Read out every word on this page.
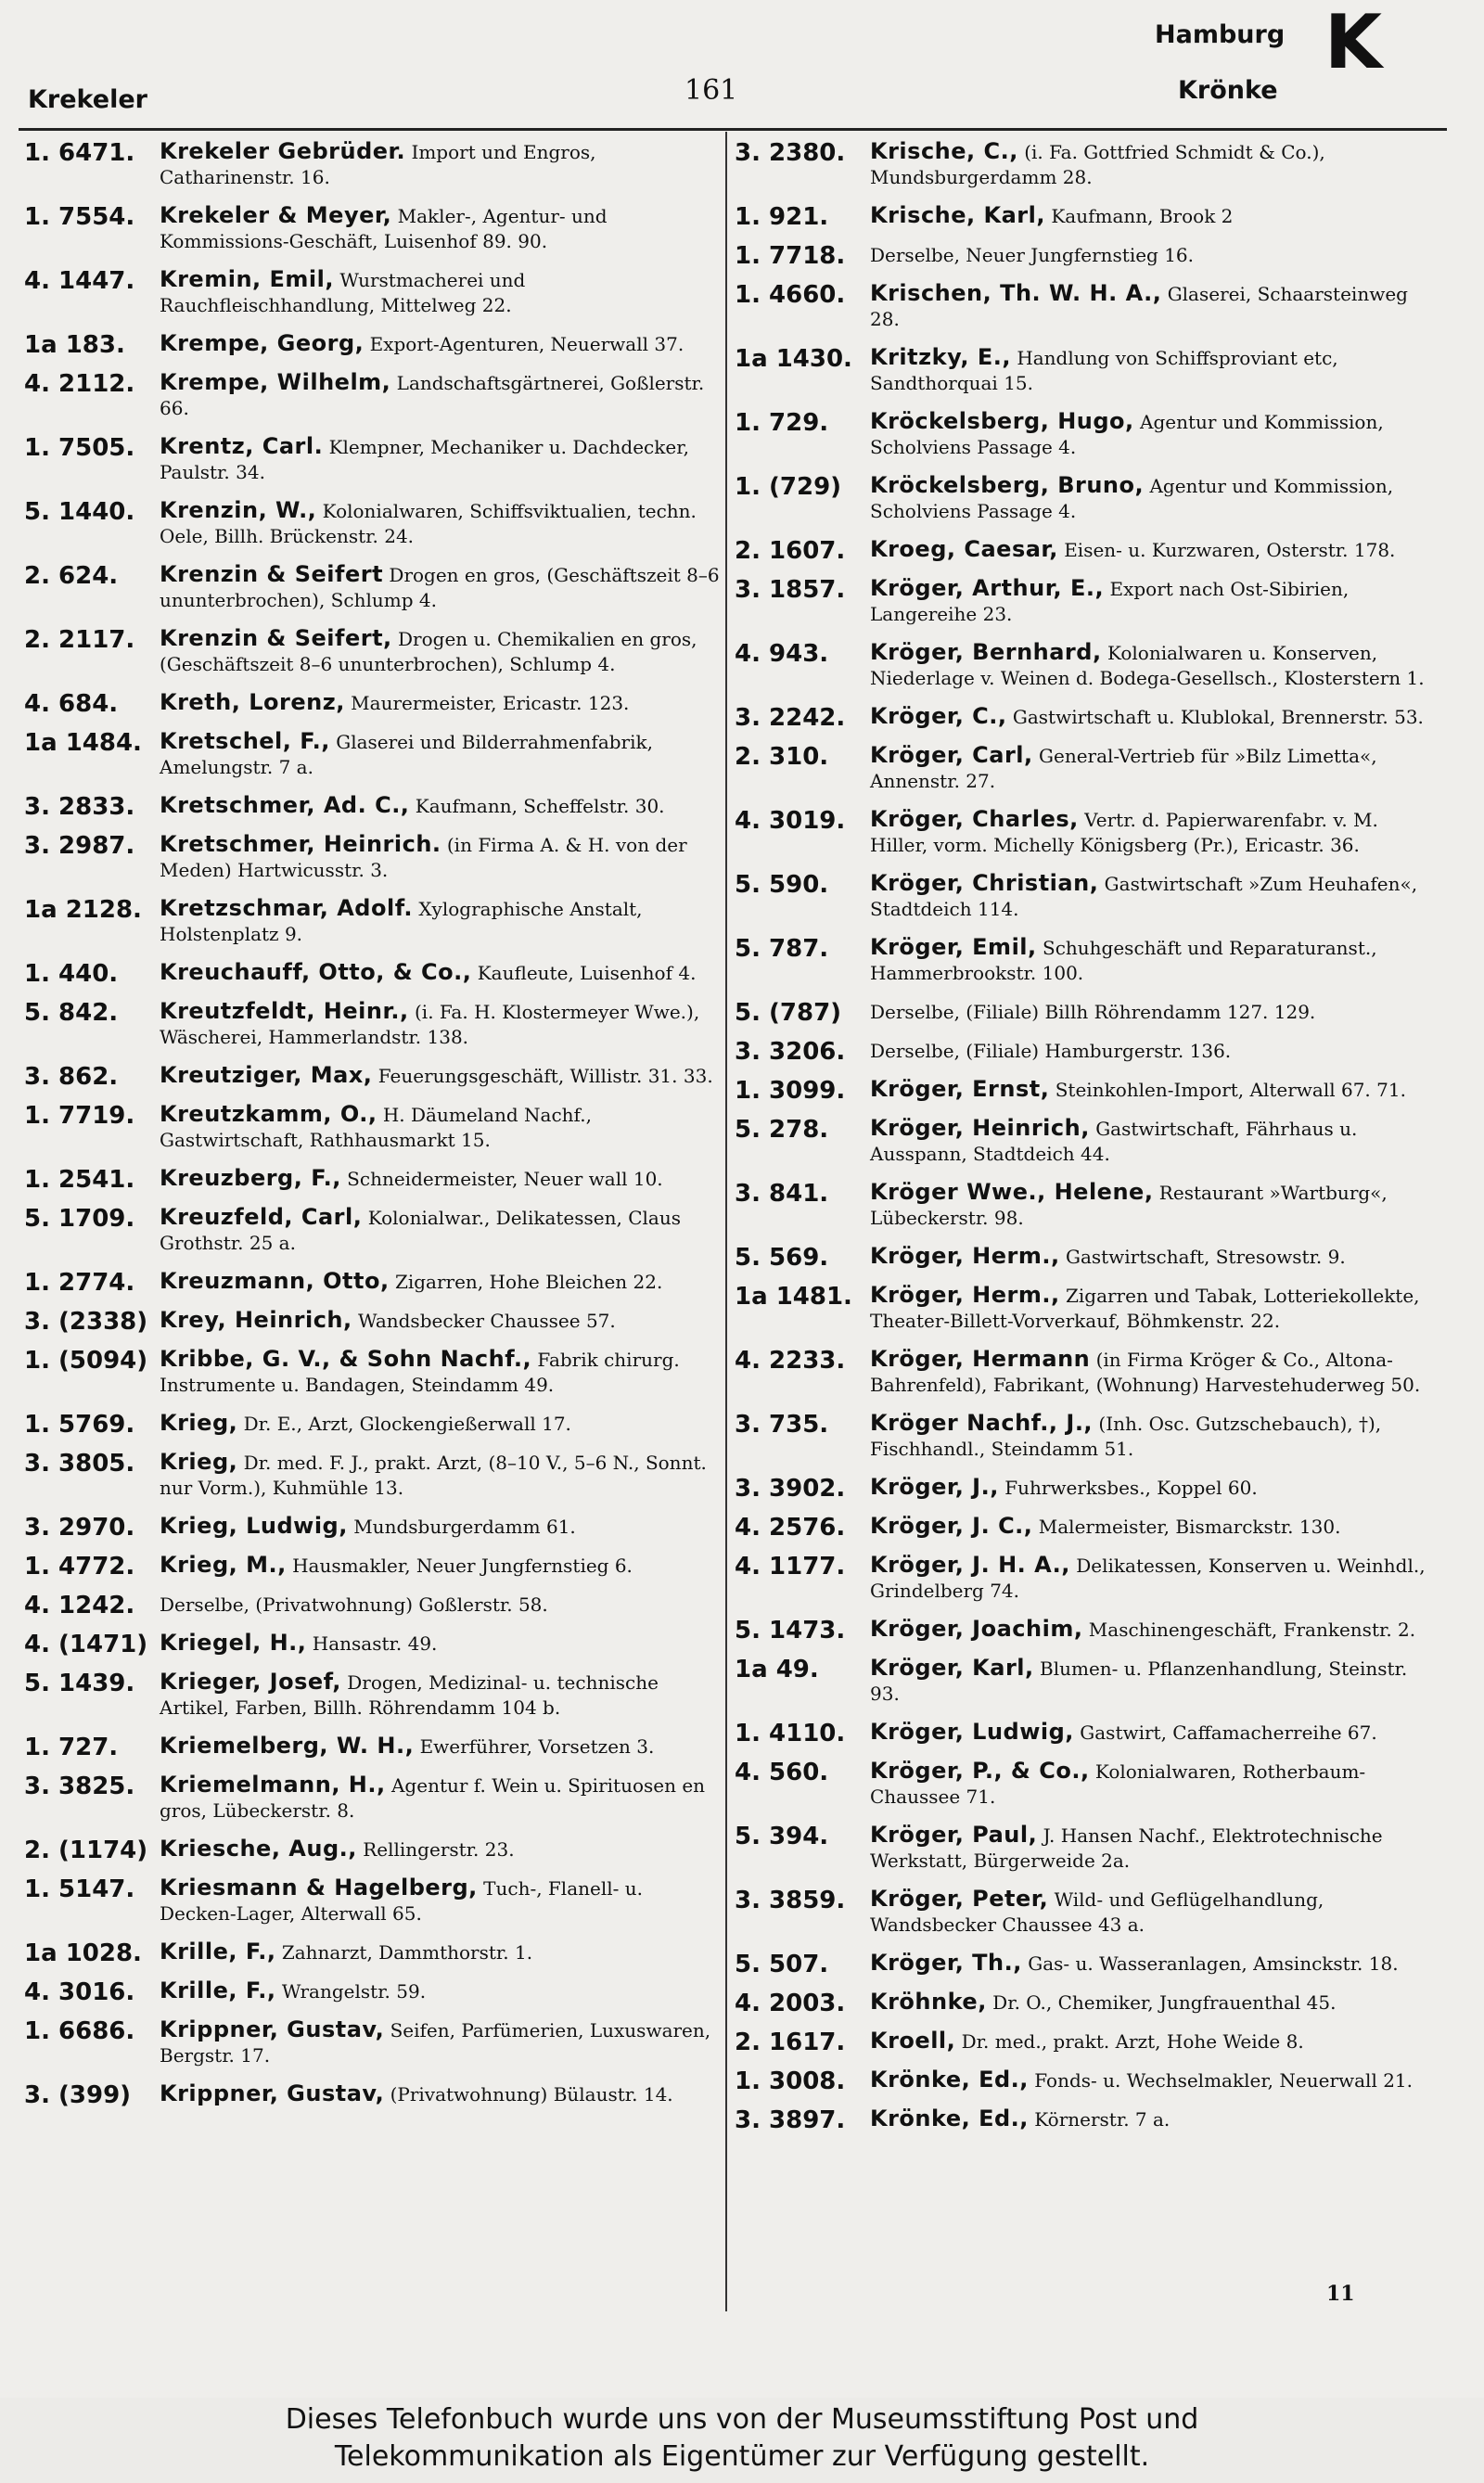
Krekeler	161
Hamburg
Krönke
K
1. 6471.	Krekeler Gebrüder. Import und Engros, Catharinenstr. 16.
1. 7554.	Krekeler & Meyer, Makler-, Agentur- und Kommissions-Geschäft, Luisenhof 89. 90.
4. 1447.	Kremin, Emil, Wurstmacherei und Rauchfleischhandlung, Mittelweg 22.
1a 183.	Krempe, Georg, Export-Agenturen, Neuerwall 37.
4. 2112.	Krempe, Wilhelm, Landschaftsgärtnerei, Goßlerstr. 66.
1. 7505.	Krentz, Carl. Klempner, Mechaniker u. Dachdecker, Paulstr. 34.
5. 1440.	Krenzin, W., Kolonialwaren, Schiffsviktualien, techn. Oele, Billh. Brückenstr. 24.
2. 624.	Krenzin & Seifert Drogen en gros, (Geschäftszeit 8–6 ununterbrochen), Schlump 4.
2. 2117.	Krenzin & Seifert, Drogen u. Chemikalien en gros, (Geschäftszeit 8–6 ununterbrochen), Schlump 4.
4. 684.	Kreth, Lorenz, Maurermeister, Ericastr. 123.
1a 1484. Kretschel, F., Glaserei und Bilderrahmenfabrik, Amelungstr. 7 a.
3. 2833.	Kretschmer, Ad. C., Kaufmann, Scheffelstr. 30.
3. 2987.	Kretschmer, Heinrich. (in Firma A. & H. von der Meden) Hartwicusstr. 3.
1a 2128. Kretzschmar, Adolf. Xylographische Anstalt, Holstenplatz 9.
1. 440.	Kreuchauff, Otto, & Co., Kaufleute, Luisenhof 4.
5. 842.	Kreutzfeldt, Heinr., (i. Fa. H. Klostermeyer Wwe.), Wäscherei, Hammerlandstr. 138.
3. 862.	Kreutziger, Max, Feuerungsgeschäft, Willistr. 31. 33.
1. 7719.	Kreutzkamm, O., H. Däumeland Nachf., Gastwirtschaft, Rathhausmarkt 15.
1. 2541.	Kreuzberg, F., Schneidermeister, Neuer wall 10.
5. 1709.	Kreuzfeld, Carl, Kolonialwar., Delikatessen, Claus Grothstr. 25 a.
1. 2774.	Kreuzmann, Otto, Zigarren, Hohe Bleichen 22.
3. (2338) Krey, Heinrich, Wandsbecker Chaussee 57.
1. (5094) Kribbe, G. V., & Sohn Nachf., Fabrik chirurg. Instrumente u. Bandagen, Steindamm 49.
1. 5769.	Krieg, Dr. E., Arzt, Glockengießerwall 17.
3. 3805.	Krieg, Dr. med. F. J., prakt. Arzt, (8–10 V., 5–6 N., Sonnt. nur Vorm.), Kuhmühle 13.
3. 2970.	Krieg, Ludwig, Mundsburgerdamm 61.
1. 4772.	Krieg, M., Hausmakler, Neuer Jungfernstieg 6.
4. 1242.	Derselbe, (Privatwohnung) Goßlerstr. 58.
4. (1471) Kriegel, H., Hansastr. 49.
5. 1439.	Krieger, Josef, Drogen, Medizinal- u. technische Artikel, Farben, Billh. Röhrendamm 104 b.
1. 727.	Kriemelberg, W. H., Ewerführer, Vorsetzen 3.
3. 3825.	Kriemelmann, H., Agentur f. Wein u. Spirituosen en gros, Lübeckerstr. 8.
2. (1174) Kriesche, Aug., Rellingerstr. 23.
1. 5147.	Kriesmann & Hagelberg, Tuch-, Flanell- u. Decken-Lager, Alterwall 65.
1a 1028. Krille, F., Zahnarzt, Dammthorstr. 1.
4. 3016.	Krille, F., Wrangelstr. 59.
1. 6686.	Krippner, Gustav, Seifen, Parfümerien, Luxuswaren, Bergstr. 17.
3. (399)	Krippner, Gustav, (Privatwohnung) Bülaustr. 14.
3. 2380.	Krische, C., (i. Fa. Gottfried Schmidt & Co.), Mundsburgerdamm 28.
1. 921.	Krische, Karl, Kaufmann, Brook 2
1. 7718.	Derselbe, Neuer Jungfernstieg 16.
1. 4660.	Krischen, Th. W. H. A., Glaserei, Schaarsteinweg 28.
1a 1430. Kritzky, E., Handlung von Schiffsproviant etc, Sandthorquai 15.
1. 729.	Kröckelsberg, Hugo, Agentur und Kommission, Scholviens Passage 4.
1. (729)	Kröckelsberg, Bruno, Agentur und Kommission, Scholviens Passage 4.
2. 1607.	Kroeg, Caesar, Eisen- u. Kurzwaren, Osterstr. 178.
3. 1857.	Kröger, Arthur, E., Export nach Ost-Sibirien, Langereihe 23.
4. 943.	Kröger, Bernhard, Kolonialwaren u. Konserven, Niederlage v. Weinen d. Bodega-Gesellsch., Klosterstern 1.
3. 2242.	Kröger, C., Gastwirtschaft u. Klublokal, Brennerstr. 53.
2. 310.	Kröger, Carl, General-Vertrieb für »Bilz Limetta«, Annenstr. 27.
4. 3019.	Kröger, Charles, Vertr. d. Papierwarenfabr. v. M. Hiller, vorm. Michelly Königsberg (Pr.), Ericastr. 36.
5. 590.	Kröger, Christian, Gastwirtschaft »Zum Heuhafen«, Stadtdeich 114.
5. 787.	Kröger, Emil, Schuhgeschäft und Reparaturanst., Hammerbrookstr. 100.
5. (787)	Derselbe, (Filiale) Billh Röhrendamm 127. 129.
3. 3206.	Derselbe, (Filiale) Hamburgerstr. 136.
1. 3099.	Kröger, Ernst, Steinkohlen-Import, Alterwall 67. 71.
5. 278.	Kröger, Heinrich, Gastwirtschaft, Fährhaus u. Ausspann, Stadtdeich 44.
3. 841.	Kröger Wwe., Helene, Restaurant »Wartburg«, Lübeckerstr. 98.
5. 569.	Kröger, Herm., Gastwirtschaft, Stresowstr. 9.
1a 1481. Kröger, Herm., Zigarren und Tabak, Lotteriekollekte, Theater-Billett-Vorverkauf, Böhmkenstr. 22.
4. 2233.	Kröger, Hermann (in Firma Kröger & Co., Altona-Bahrenfeld), Fabrikant, (Wohnung) Harvestehuderweg 50.
3. 735.	Kröger Nachf., J., (Inh. Osc. Gutzschebauch), †), Fischhandl., Steindamm 51.
3. 3902.	Kröger, J., Fuhrwerksbes., Koppel 60.
4. 2576.	Kröger, J. C., Malermeister, Bismarckstr. 130.
4. 1177.	Kröger, J. H. A., Delikatessen, Konserven u. Weinhdl., Grindelberg 74.
5. 1473.	Kröger, Joachim, Maschinengeschäft, Frankenstr. 2.
1a 49.	Kröger, Karl, Blumen- u. Pflanzenhandlung, Steinstr. 93.
1. 4110.	Kröger, Ludwig, Gastwirt, Caffamacherreihe 67.
4. 560.	Kröger, P., & Co., Kolonialwaren, Rotherbaum-Chaussee 71.
5. 394.	Kröger, Paul, J. Hansen Nachf., Elektrotechnische Werkstatt, Bürgerweide 2a.
3. 3859.	Kröger, Peter, Wild- und Geflügelhandlung, Wandsbecker Chaussee 43 a.
5. 507.	Kröger, Th., Gas- u. Wasseranlagen, Amsinckstr. 18.
4. 2003.	Kröhnke, Dr. O., Chemiker, Jungfrauenthal 45.
2. 1617.	Kroell, Dr. med., prakt. Arzt, Hohe Weide 8.
1. 3008.	Krönke, Ed., Fonds- u. Wechselmakler, Neuerwall 21.
3. 3897.	Krönke, Ed., Körnerstr. 7 a.
11
Dieses Telefonbuch wurde uns von der Museumsstiftung Post und
Telekommunikation als Eigentümer zur Verfügung gestellt.
